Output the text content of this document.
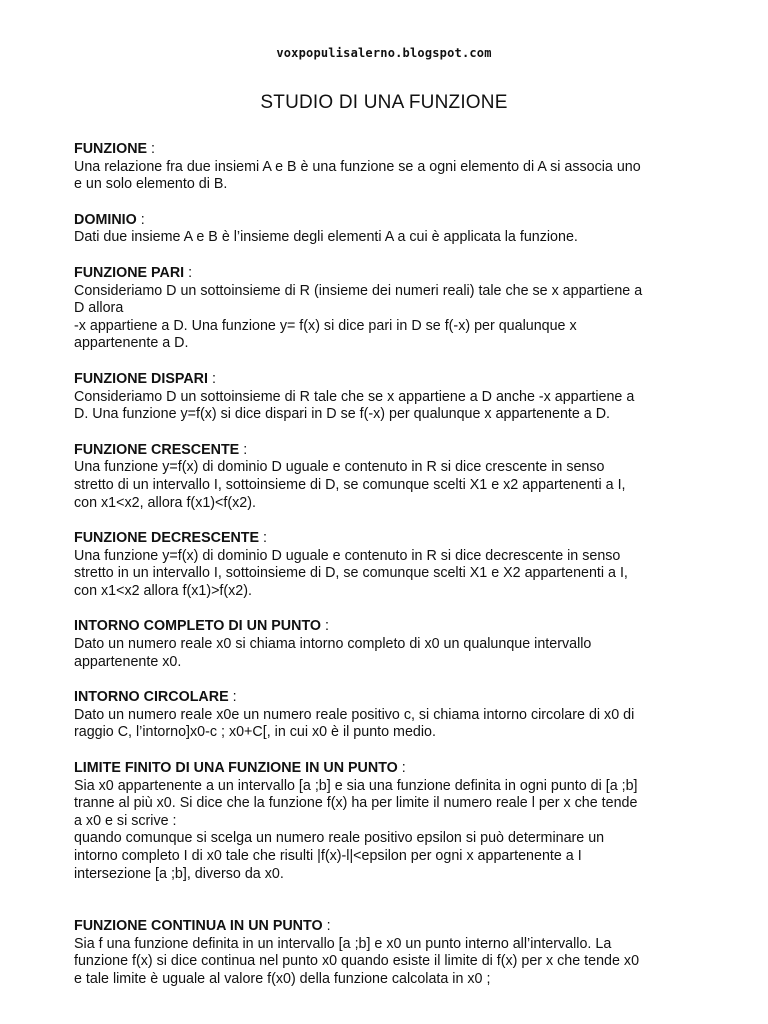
voxpopulisalerno.blogspot.com
STUDIO DI UNA FUNZIONE
FUNZIONE :
Una relazione fra due insiemi A e B è una funzione se a ogni elemento di A si associa uno
e un solo elemento di B.
DOMINIO :
Dati due insieme A e B è l’insieme degli elementi A a cui è applicata la funzione.
FUNZIONE PARI :
Consideriamo D un sottoinsieme di R (insieme dei numeri reali) tale che se x appartiene a
D allora
-x appartiene a D. Una funzione y= f(x) si dice pari in D se f(-x) per qualunque x
appartenente a D.
FUNZIONE DISPARI :
Consideriamo D un sottoinsieme di R tale che se x appartiene a D anche -x appartiene a
D. Una funzione y=f(x) si dice dispari in D se f(-x) per qualunque x appartenente a D.
FUNZIONE CRESCENTE :
Una funzione y=f(x) di dominio D uguale e contenuto in R si dice crescente in senso
stretto di un intervallo I, sottoinsieme di D, se comunque scelti X1 e x2 appartenenti a I,
con x1<x2, allora f(x1)<f(x2).
FUNZIONE DECRESCENTE :
Una funzione y=f(x) di dominio D uguale e contenuto in R si dice decrescente in senso
stretto in un intervallo I, sottoinsieme di D, se comunque scelti X1 e X2 appartenenti a I,
con x1<x2 allora f(x1)>f(x2).
INTORNO COMPLETO DI UN PUNTO :
Dato un numero reale x0 si chiama intorno completo di x0 un qualunque intervallo
appartenente x0.
INTORNO CIRCOLARE :
Dato un numero reale x0e un numero reale positivo c, si chiama intorno circolare di x0 di
raggio C, l’intorno]x0-c ; x0+C[, in cui x0 è il punto medio.
LIMITE FINITO DI UNA FUNZIONE IN UN PUNTO :
Sia x0 appartenente a un intervallo [a ;b] e sia una funzione definita in ogni punto di [a ;b]
tranne al più x0. Si dice che la funzione f(x) ha per limite il numero reale l per x che tende
a x0 e si scrive :
quando comunque si scelga un numero reale positivo epsilon si può determinare un
intorno completo I di x0 tale che risulti |f(x)-l|<epsilon per ogni x appartenente a I
intersezione [a ;b], diverso da x0.
FUNZIONE CONTINUA IN UN PUNTO :
Sia f una funzione definita in un intervallo [a ;b] e x0 un punto interno all’intervallo. La
funzione f(x) si dice continua nel punto x0 quando esiste il limite di f(x) per x che tende x0
e tale limite è uguale al valore f(x0) della funzione calcolata in x0 ;
